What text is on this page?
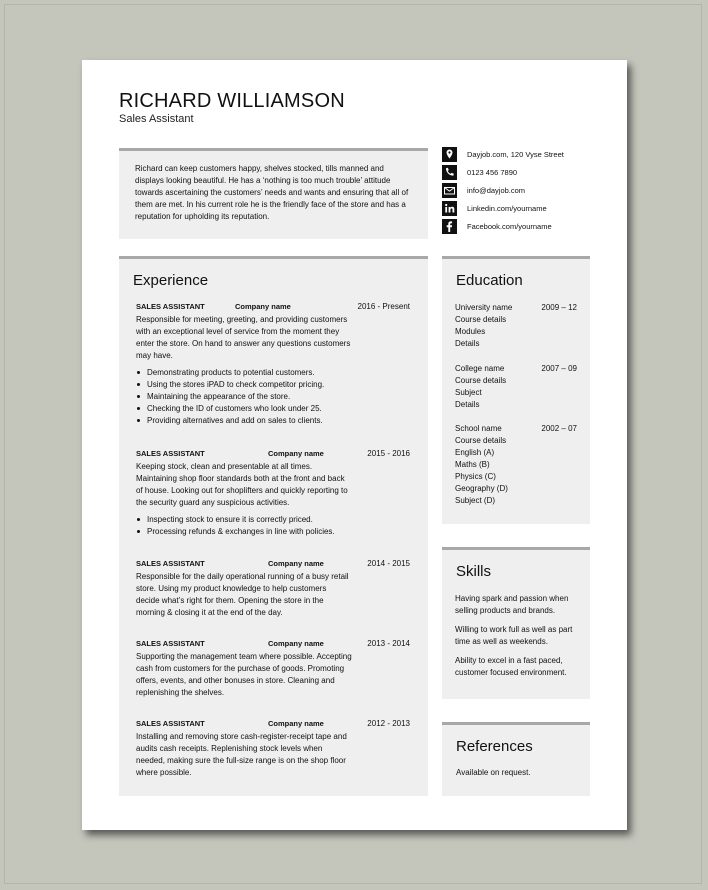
RICHARD WILLIAMSON
Sales Assistant
Richard can keep customers happy, shelves stocked, tills manned and displays looking beautiful. He has a ‘nothing is too much trouble’ attitude towards ascertaining the customers’ needs and wants and ensuring that all of them are met. In his current role he is the friendly face of the store and has a reputation for upholding its reputation.
Dayjob.com, 120 Vyse Street
0123 456 7890
info@dayjob.com
Linkedin.com/yourname
Facebook.com/yourname
Experience
SALES ASSISTANT	Company name	2016 - Present
Responsible for meeting, greeting, and providing customers with an exceptional level of service from the moment they enter the store. On hand to answer any questions customers may have.
Demonstrating products to potential customers.
Using the stores iPAD to check competitor pricing.
Maintaining the appearance of the store.
Checking the ID of customers who look under 25.
Providing alternatives and add on sales to clients.
SALES ASSISTANT	Company name	2015 - 2016
Keeping stock, clean and presentable at all times. Maintaining shop floor standards both at the front and back of house. Looking out for shoplifters and quickly reporting to the security guard any suspicious activities.
Inspecting stock to ensure it is correctly priced.
Processing refunds & exchanges in line with policies.
SALES ASSISTANT	Company name	2014 - 2015
Responsible for the daily operational running of a busy retail store. Using my product knowledge to help customers decide what’s right for them. Opening the store in the morning & closing it at the end of the day.
SALES ASSISTANT	Company name	2013 - 2014
Supporting the management team where possible. Accepting cash from customers for the purchase of goods. Promoting offers, events, and other bonuses in store. Cleaning and replenishing the shelves.
SALES ASSISTANT	Company name	2012 - 2013
Installing and removing store cash-register-receipt tape and audits cash receipts. Replenishing stock levels when needed, making sure the full-size range is on the shop floor where possible.
Education
University name	2009 – 12
Course details
Modules
Details
College name	2007 – 09
Course details
Subject
Details
School name	2002 – 07
Course details
English (A)
Maths (B)
Physics (C)
Geography (D)
Subject (D)
Skills
Having spark and passion when selling products and brands.
Willing to work full as well as part time as well as weekends.
Ability to excel in a fast paced, customer focused environment.
References
Available on request.
